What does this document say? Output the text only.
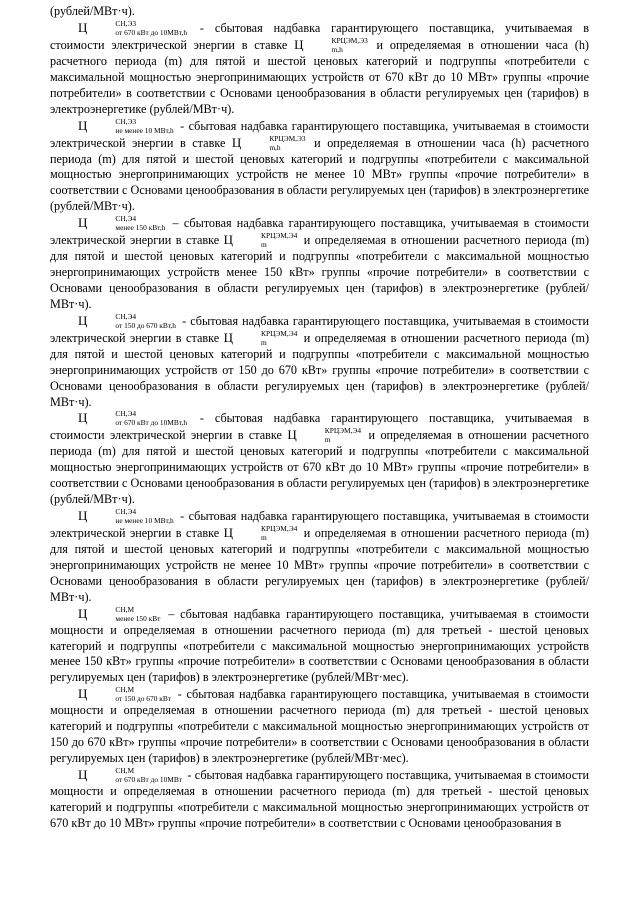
(рублей/МВт·ч).

Ц	СН,Э3
от 670 кВт до 10МВт,h - сбытовая надбавка гарантирующего поставщика, учитываемая в стоимости электрической энергии в ставке Ц	КРЦЭМ,Э3
m,h	и определяемая в отношении часа (h) расчетного периода (m) для пятой и шестой ценовых категорий и подгруппы «потребители с максимальной мощностью энергопринимающих устройств от 670 кВт до 10 МВт» группы «прочие потребители» в соответствии с Основами ценообразования в области регулируемых цен (тарифов) в электроэнергетике (рублей/МВт·ч).

Ц	СН,Э3
не менее 10 МВт,h - сбытовая надбавка гарантирующего поставщика, учитываемая в стоимости электрической энергии в ставке Ц	КРЦЭМ,Э3
m,h	и определяемая в отношении часа (h) расчетного периода (m) для пятой и шестой ценовых категорий и подгруппы «потребители с максимальной мощностью энергопринимающих устройств не менее 10 МВт» группы «прочие потребители» в соответствии с Основами ценообразования в области регулируемых цен (тарифов) в электроэнергетике (рублей/МВт·ч).

Ц	СН,Э4
менее 150 кВт,h – сбытовая надбавка гарантирующего поставщика, учитываемая в стоимости электрической энергии в ставке Ц	КРЦЭМ,Э4
m	и определяемая в отношении расчетного периода (m) для пятой и шестой ценовых категорий и подгруппы «потребители с максимальной мощностью энергопринимающих устройств менее 150 кВт» группы «прочие потребители» в соответствии с Основами ценообразования в области регулируемых цен (тарифов) в электроэнергетике (рублей/МВт·ч).

Ц	СН,Э4
от 150 до 670 кВт,h - сбытовая надбавка гарантирующего поставщика, учитываемая в стоимости электрической энергии в ставке Ц	КРЦЭМ,Э4
m	и определяемая в отношении расчетного периода (m) для пятой и шестой ценовых категорий и подгруппы «потребители с максимальной мощностью энергопринимающих устройств от 150 до 670 кВт» группы «прочие потребители» в соответствии с Основами ценообразования в области регулируемых цен (тарифов) в электроэнергетике (рублей/МВт·ч).

Ц	СН,Э4
от 670 кВт до 10МВт,h - сбытовая надбавка гарантирующего поставщика, учитываемая в стоимости электрической энергии в ставке Ц	КРЦЭМ,Э4
m	и определяемая в отношении расчетного периода (m) для пятой и шестой ценовых категорий и подгруппы «потребители с максимальной мощностью энергопринимающих устройств от 670 кВт до 10 МВт» группы «прочие потребители» в соответствии с Основами ценообразования в области регулируемых цен (тарифов) в электроэнергетике (рублей/МВт·ч).

Ц	СН,Э4
не менее 10 МВт,h - сбытовая надбавка гарантирующего поставщика, учитываемая в стоимости электрической энергии в ставке Ц	КРЦЭМ,Э4
m	и определяемая в отношении расчетного периода (m) для пятой и шестой ценовых категорий и подгруппы «потребители с максимальной мощностью энергопринимающих устройств не менее 10 МВт» группы «прочие потребители» в соответствии с Основами ценообразования в области регулируемых цен (тарифов) в электроэнергетике (рублей/МВт·ч).

Ц	СН,М
менее 150 кВт – сбытовая надбавка гарантирующего поставщика, учитываемая в стоимости мощности и определяемая в отношении расчетного периода (m) для третьей - шестой ценовых категорий и подгруппы «потребители с максимальной мощностью энергопринимающих устройств менее 150 кВт» группы «прочие потребители» в соответствии с Основами ценообразования в области регулируемых цен (тарифов) в электроэнергетике (рублей/МВт·мес).

Ц	СН,М
от 150 до 670 кВт - сбытовая надбавка гарантирующего поставщика, учитываемая в стоимости мощности и определяемая в отношении расчетного периода (m) для третьей - шестой ценовых категорий и подгруппы «потребители с максимальной мощностью энергопринимающих устройств от 150 до 670 кВт» группы «прочие потребители» в соответствии с Основами ценообразования в области регулируемых цен (тарифов) в электроэнергетике (рублей/МВт·мес).

Ц	СН,М
от 670 кВт до 10МВт - сбытовая надбавка гарантирующего поставщика, учитываемая в стоимости мощности и определяемая в отношении расчетного периода (m) для третьей - шестой ценовых категорий и подгруппы «потребители с максимальной мощностью энергопринимающих устройств от 670 кВт до 10 МВт» группы «прочие потребители» в соответствии с Основами ценообразования в
